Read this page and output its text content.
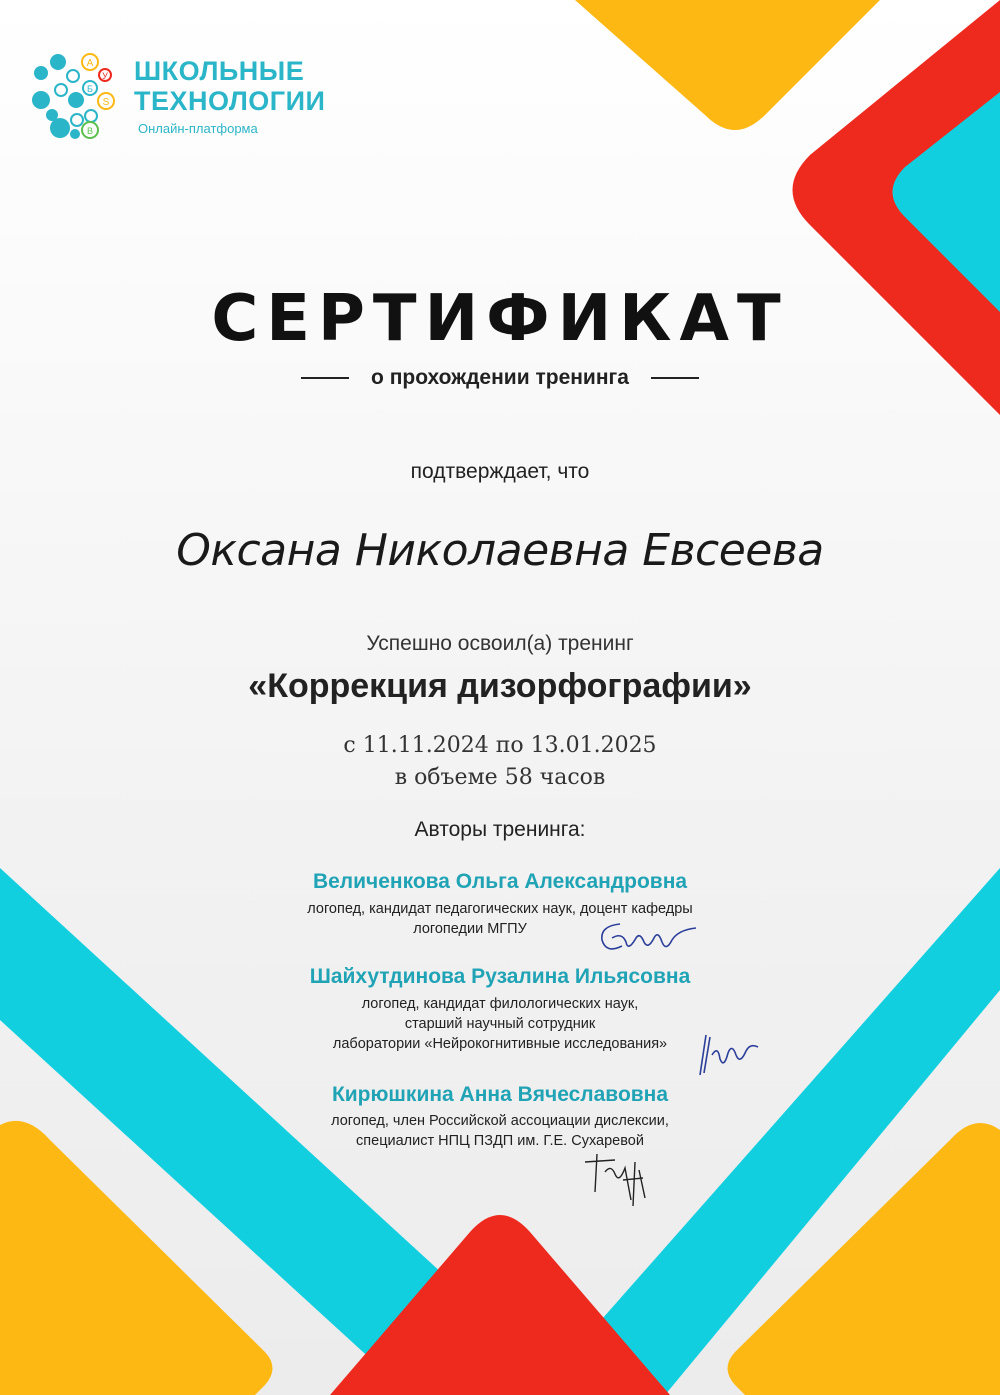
А
У
Б
S
В
ШКОЛЬНЫЕ
ТЕХНОЛОГИИ
Онлайн-платформа
СЕРТИФИКАТ
о прохождении тренинга
подтверждает, что
Оксана Николаевна Евсеева
Успешно освоил(а) тренинг
«Коррекция дизорфографии»
с 11.11.2024 по 13.01.2025
в объеме 58 часов
Авторы тренинга:
Величенкова Ольга Александровна
логопед, кандидат педагогических наук, доцент кафедры
логопедии МГПУ
Шайхутдинова Рузалина Ильясовна
логопед, кандидат филологических наук,
старший научный сотрудник
лаборатории «Нейрокогнитивные исследования»
Кирюшкина Анна Вячеславовна
логопед, член Российской ассоциации дислексии,
специалист НПЦ ПЗДП им. Г.Е. Сухаревой
